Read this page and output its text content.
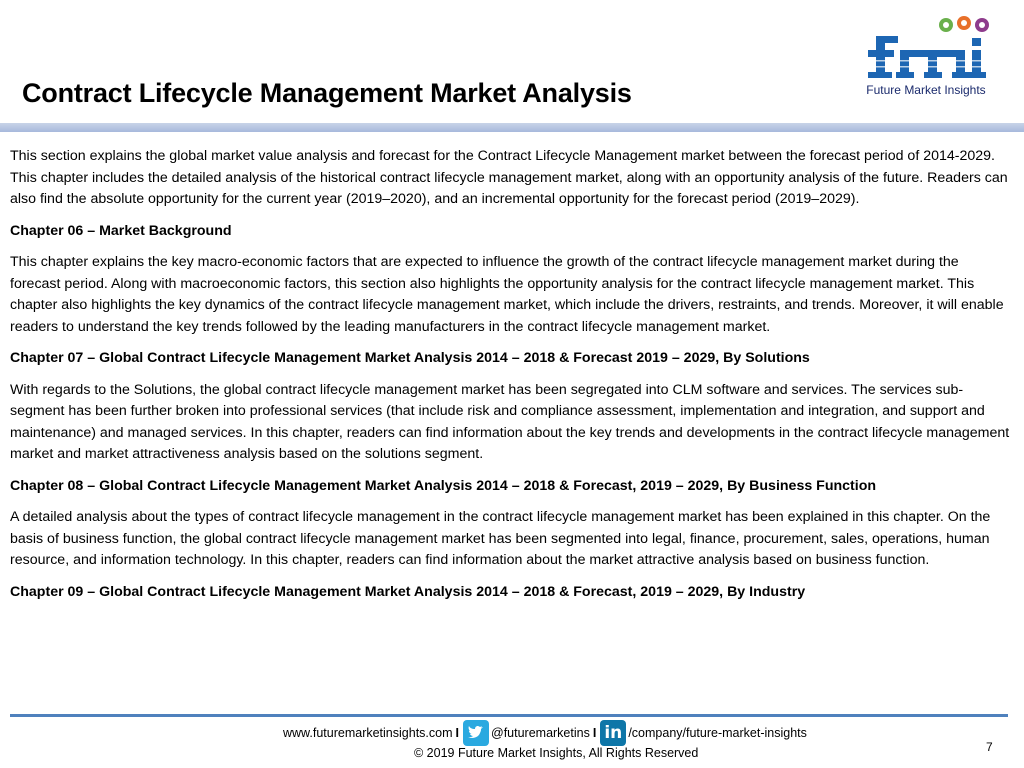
Contract Lifecycle Management Market Analysis	Future Market Insights

This section explains the global market value analysis and forecast for the Contract Lifecycle Management market between the forecast period of 2014-2029. This chapter includes the detailed analysis of the historical contract lifecycle management market, along with an opportunity analysis of the future. Readers can also find the absolute opportunity for the current year (2019–2020), and an incremental opportunity for the forecast period (2019–2029).

Chapter 06 – Market Background

This chapter explains the key macro-economic factors that are expected to influence the growth of the contract lifecycle management market during the forecast period. Along with macroeconomic factors, this section also highlights the opportunity analysis for the contract lifecycle management market. This chapter also highlights the key dynamics of the contract lifecycle management market, which include the drivers, restraints, and trends. Moreover, it will enable readers to understand the key trends followed by the leading manufacturers in the contract lifecycle management market.

Chapter 07 – Global Contract Lifecycle Management Market Analysis 2014 – 2018 & Forecast 2019 – 2029, By Solutions

With regards to the Solutions, the global contract lifecycle management market has been segregated into CLM software and services. The services sub-segment has been further broken into professional services (that include risk and compliance assessment, implementation and integration, and support and maintenance) and managed services. In this chapter, readers can find information about the key trends and developments in the contract lifecycle management market and market attractiveness analysis based on the solutions segment.

Chapter 08 – Global Contract Lifecycle Management Market Analysis 2014 – 2018 & Forecast, 2019 – 2029, By Business Function

A detailed analysis about the types of contract lifecycle management in the contract lifecycle management market has been explained in this chapter. On the basis of business function, the global contract lifecycle management market has been segmented into legal, finance, procurement, sales, operations, human resource, and information technology. In this chapter, readers can find information about the market attractive analysis based on business function.

Chapter 09 – Global Contract Lifecycle Management Market Analysis 2014 – 2018 & Forecast, 2019 – 2029, By Industry

www.futuremarketinsights.com I	@futuremarketins I in /company/future-market-insights
© 2019 Future Market Insights, All Rights Reserved	7
